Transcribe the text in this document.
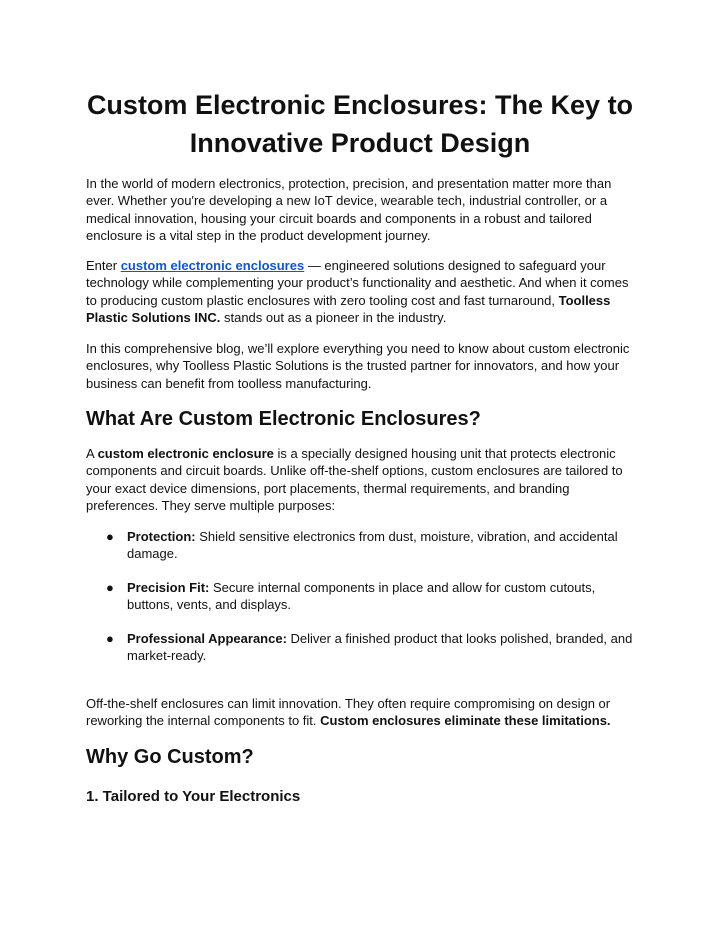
Custom Electronic Enclosures: The Key to Innovative Product Design

In the world of modern electronics, protection, precision, and presentation matter more than ever. Whether you're developing a new IoT device, wearable tech, industrial controller, or a medical innovation, housing your circuit boards and components in a robust and tailored enclosure is a vital step in the product development journey.

Enter custom electronic enclosures — engineered solutions designed to safeguard your technology while complementing your product’s functionality and aesthetic. And when it comes to producing custom plastic enclosures with zero tooling cost and fast turnaround, Toolless Plastic Solutions INC. stands out as a pioneer in the industry.

In this comprehensive blog, we’ll explore everything you need to know about custom electronic enclosures, why Toolless Plastic Solutions is the trusted partner for innovators, and how your business can benefit from toolless manufacturing.

What Are Custom Electronic Enclosures?

A custom electronic enclosure is a specially designed housing unit that protects electronic components and circuit boards. Unlike off-the-shelf options, custom enclosures are tailored to your exact device dimensions, port placements, thermal requirements, and branding preferences. They serve multiple purposes:

● Protection: Shield sensitive electronics from dust, moisture, vibration, and accidental damage.
● Precision Fit: Secure internal components in place and allow for custom cutouts, buttons, vents, and displays.
● Professional Appearance: Deliver a finished product that looks polished, branded, and market-ready.

Off-the-shelf enclosures can limit innovation. They often require compromising on design or reworking the internal components to fit. Custom enclosures eliminate these limitations.

Why Go Custom?
1. Tailored to Your Electronics
